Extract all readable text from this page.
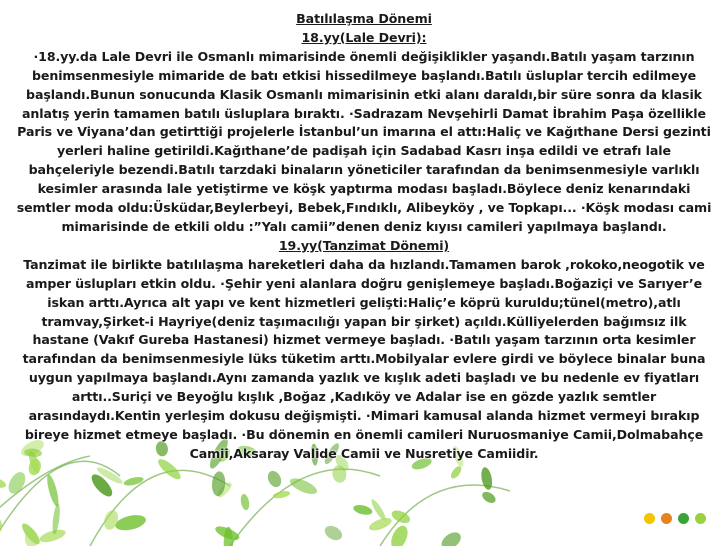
Batılılaşma Dönemi

18.yy(Lale Devri):

·18.yy.da Lale Devri ile Osmanlı mimarisinde önemli değişiklikler yaşandı.Batılı yaşam tarzının benimsenmesiyle mimaride de batı etkisi hissedilmeye başlandı.Batılı üsluplar tercih edilmeye başlandı.Bunun sonucunda Klasik Osmanlı mimarisinin etki alanı daraldı,bir süre sonra da klasik anlatış yerin tamamen batılı üsluplara bıraktı. ·Sadrazam Nevşehirli Damat İbrahim Paşa özellikle Paris ve Viyana’dan getirttiği projelerle İstanbul’un imarına el attı:Haliç ve Kağıthane Dersi gezinti yerleri haline getirildi.Kağıthane’de padişah için Sadabad Kasrı inşa edildi ve etrafı lale bahçeleriyle bezendi.Batılı tarzdaki binaların yöneticiler tarafından da benimsenmesiyle varlıklı kesimler arasında lale yetiştirme ve köşk yaptırma modası başladı.Böylece deniz kenarındaki semtler moda oldu:Üsküdar,Beylerbeyi, Bebek,Fındıklı, Alibeyköy , ve Topkapı... ·Köşk modası cami mimarisinde de etkili oldu :”Yalı camii”denen deniz kıyısı camileri yapılmaya başlandı.

19.yy(Tanzimat Dönemi)

Tanzimat ile birlikte batılılaşma hareketleri daha da hızlandı.Tamamen barok ,rokoko,neogotik ve amper üslupları etkin oldu. ·Şehir yeni alanlara doğru genişlemeye başladı.Boğaziçi ve Sarıyer’e iskan arttı.Ayrıca alt yapı ve kent hizmetleri gelişti:Haliç’e köprü kuruldu;tünel(metro),atlı tramvay,Şirket-i Hayriye(deniz taşımacılığı yapan bir şirket) açıldı.Külliyelerden bağımsız ilk hastane (Vakıf Gureba Hastanesi) hizmet vermeye başladı. ·Batılı yaşam tarzının orta kesimler tarafından da benimsenmesiyle lüks tüketim arttı.Mobilyalar evlere girdi ve böylece binalar buna uygun yapılmaya başlandı.Aynı zamanda yazlık ve kışlık adeti başladı ve bu nedenle ev fiyatları arttı..Suriçi ve Beyoğlu kışlık ,Boğaz ,Kadıköy ve Adalar ise en gözde yazlık semtler arasındaydı.Kentin yerleşim dokusu değişmişti. ·Mimari kamusal alanda hizmet vermeyi bırakıp bireye hizmet etmeye başladı. ·Bu dönemin en önemli camileri Nuruosmaniye Camii,Dolmabahçe Camii,Aksaray Valide Camii ve Nusretiye Camiidir.
